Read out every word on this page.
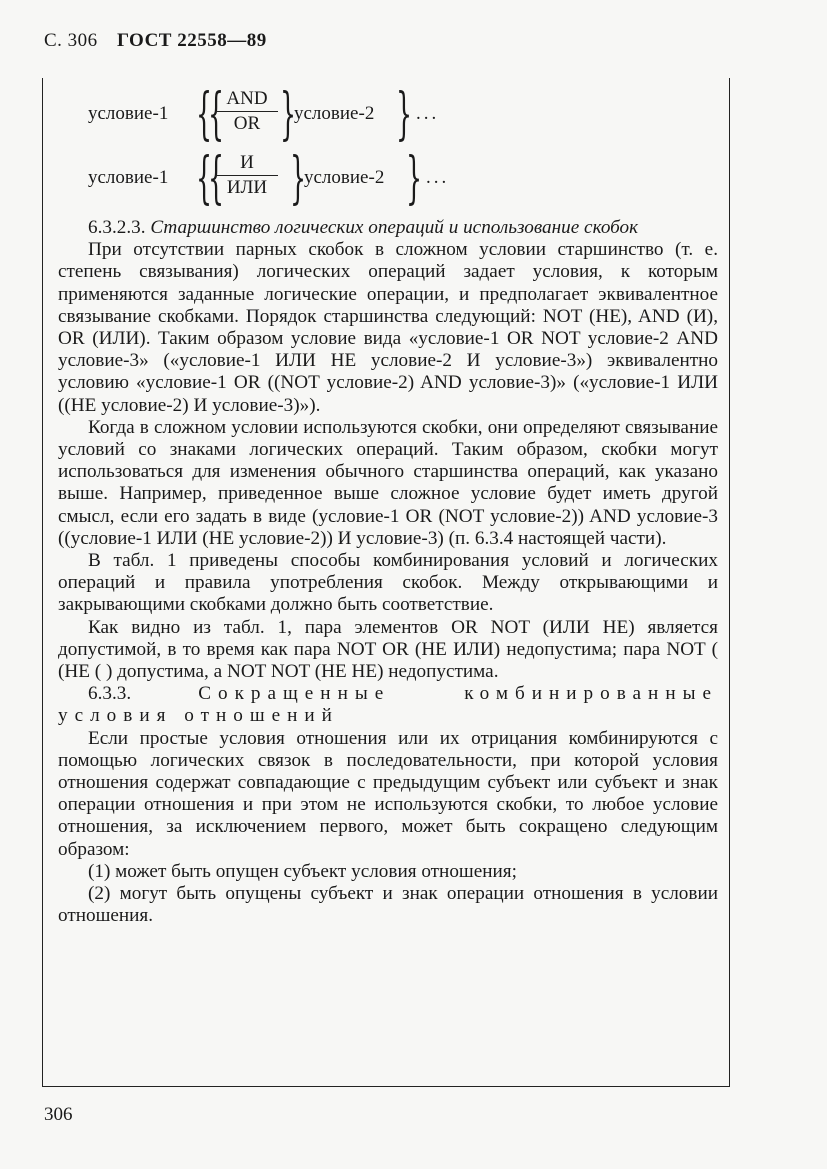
С. 306 ГОСТ 22558—89
условие-1 {
{ AND
OR }
условие-2 } ...
условие-1 {
{ И
ИЛИ }
условие-2 } ...

6.3.2.3. Старшинство логических операций и использование скобок

При отсутствии парных скобок в сложном условии старшинство (т. е. степень связывания) логических операций задает условия, к которым применяются заданные логические операции, и предполагает эквивалентное связывание скобками. Порядок старшинства следующий: NOT (НЕ), AND (И), OR (ИЛИ). Таким образом условие вида «условие-1 OR NOT условие-2 AND условие-3» («условие-1 ИЛИ НЕ условие-2 И условие-3») эквивалентно условию «условие-1 OR ((NOT условие-2) AND условие-3)» («условие-1 ИЛИ ((НЕ условие-2) И условие-3)»).

Когда в сложном условии используются скобки, они определяют связывание условий со знаками логических операций. Таким образом, скобки могут использоваться для изменения обычного старшинства операций, как указано выше. Например, приведенное выше сложное условие будет иметь другой смысл, если его задать в виде (условие-1 OR (NOT условие-2)) AND условие-3 ((условие-1 ИЛИ (НЕ условие-2)) И условие-3) (п. 6.3.4 настоящей части).

В табл. 1 приведены способы комбинирования условий и логических операций и правила употребления скобок. Между открывающими и закрывающими скобками должно быть соответствие.

Как видно из табл. 1, пара элементов OR NOT (ИЛИ НЕ) является допустимой, в то время как пара NOT OR (НЕ ИЛИ) недопустима; пара NOT ( (НЕ ( ) допустима, а NOT NOT (НЕ НЕ) недопустима.

6.3.3.	Сокращенные комбинированные условия отношений

Если простые условия отношения или их отрицания комбинируются с помощью логических связок в последовательности, при которой условия отношения содержат совпадающие с предыдущим субъект или субъект и знак операции отношения и при этом не используются скобки, то любое условие отношения, за исключением первого, может быть сокращено следующим образом:

(1) может быть опущен субъект условия отношения;

(2) могут быть опущены субъект и знак операции отношения в условии отношения.

306
